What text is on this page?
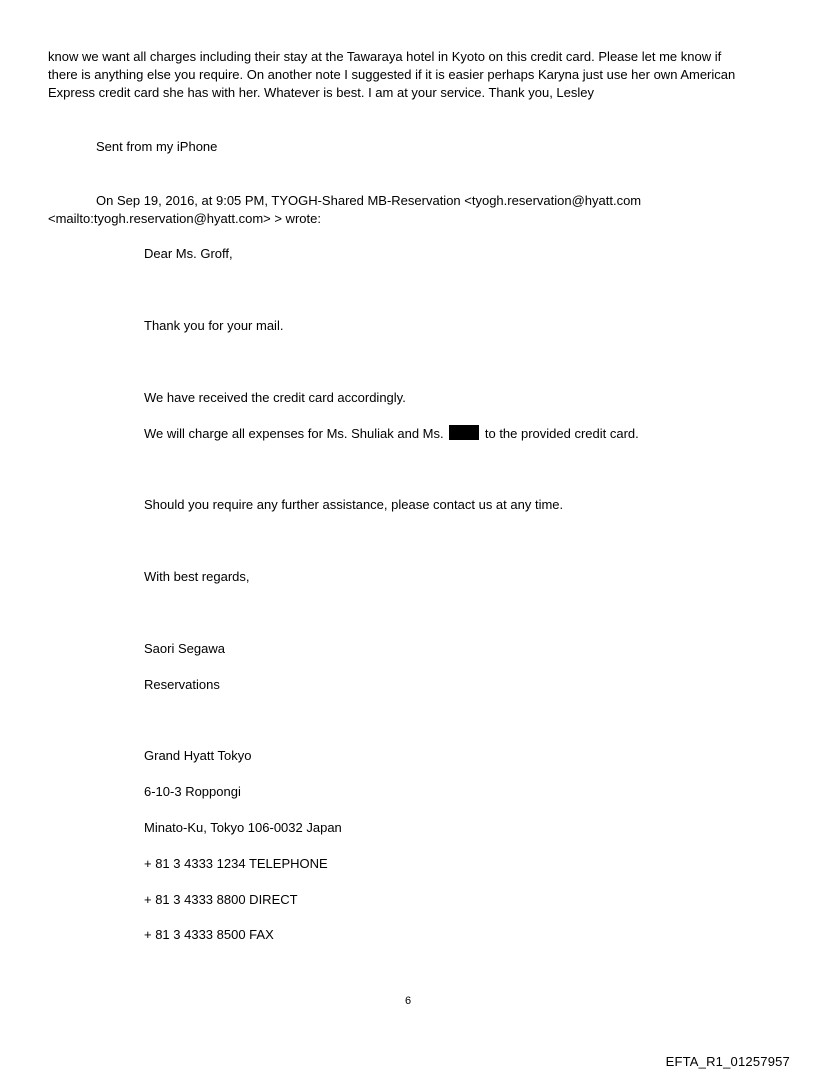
know we want all charges including their stay at the Tawaraya hotel in Kyoto on this credit card. Please let me know if
there is anything else you require. On another note I suggested if it is easier perhaps Karyna just use her own American
Express credit card she has with her. Whatever is best. I am at your service. Thank you, Lesley
Sent from my iPhone
On Sep 19, 2016, at 9:05 PM, TYOGH-Shared MB-Reservation <tyogh.reservation@hyatt.com
<mailto:tyogh.reservation@hyatt.com> > wrote:
Dear Ms. Groff,
Thank you for your mail.
We have received the credit card accordingly.
We will charge all expenses for Ms. Shuliak and Ms.	to the provided credit card.
Should you require any further assistance, please contact us at any time.
With best regards,
Saori Segawa
Reservations
Grand Hyatt Tokyo
6-10-3 Roppongi
Minato-Ku, Tokyo 106-0032 Japan
+ 81 3 4333 1234 TELEPHONE
+ 81 3 4333 8800 DIRECT
+ 81 3 4333 8500 FAX
6
EFTA_R1_01257957
